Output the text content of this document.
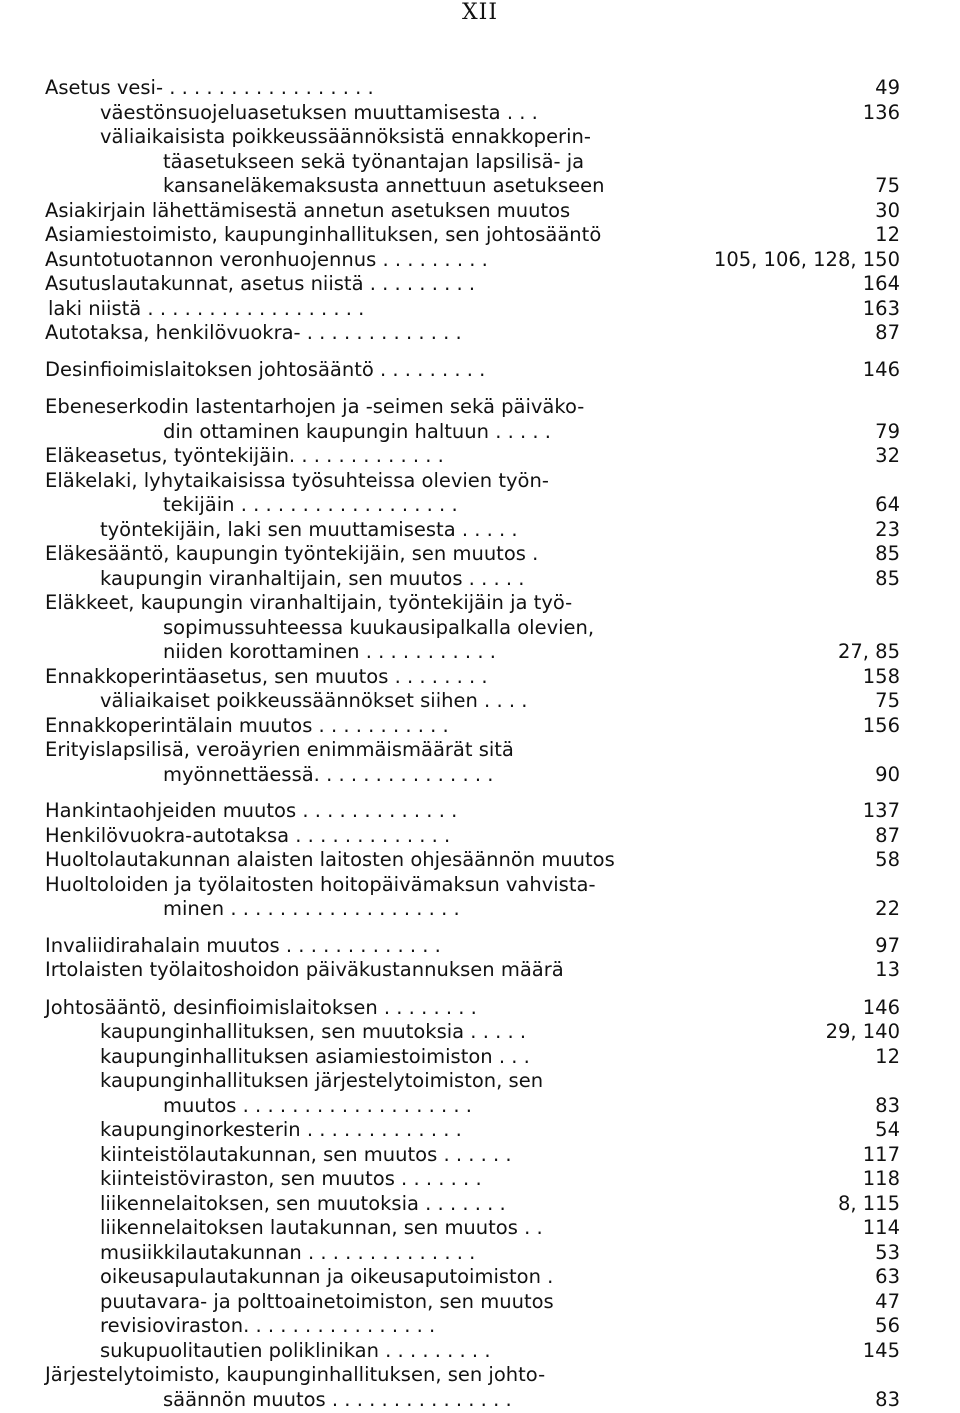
XII
Asetus vesi- . . . . . . . . . . . . . . . . .	49
väestönsuojeluasetuksen muuttamisesta . . .	136
väliaikaisista poikkeussäännöksistä ennakkoperin-
täasetukseen sekä työnantajan lapsilisä- ja
kansaneläkemaksusta annettuun asetukseen	75
Asiakirjain lähettämisestä annetun asetuksen muutos	30
Asiamiestoimisto, kaupunginhallituksen, sen johtosääntö	12
Asuntotuotannon veronhuojennus . . . . . . . . .	105, 106, 128, 150
Asutuslautakunnat, asetus niistä . . . . . . . . .	164
laki niistä . . . . . . . . . . . . . . . . . .	163
Autotaksa, henkilövuokra- . . . . . . . . . . . . .	87
Desinfioimislaitoksen johtosääntö . . . . . . . . .	146
Ebeneserkodin lastentarhojen ja -seimen sekä päiväko-
din ottaminen kaupungin haltuun . . . . .	79
Eläkeasetus, työntekijäin. . . . . . . . . . . . .	32
Eläkelaki, lyhytaikaisissa työsuhteissa olevien työn-
tekijäin . . . . . . . . . . . . . . . . . .	64
työntekijäin, laki sen muuttamisesta . . . . .	23
Eläkesääntö, kaupungin työntekijäin, sen muutos .	85
kaupungin viranhaltijain, sen muutos . . . . .	85
Eläkkeet, kaupungin viranhaltijain, työntekijäin ja työ-
sopimussuhteessa kuukausipalkalla olevien,
niiden korottaminen . . . . . . . . . . .	27, 85
Ennakkoperintäasetus, sen muutos . . . . . . . .	158
väliaikaiset poikkeussäännökset siihen . . . .	75
Ennakkoperintälain muutos . . . . . . . . . . .	156
Erityislapsilisä, veroäyrien enimmäismäärät sitä
myönnettäessä. . . . . . . . . . . . . . .	90
Hankintaohjeiden muutos . . . . . . . . . . . . .	137
Henkilövuokra-autotaksa . . . . . . . . . . . . .	87
Huoltolautakunnan alaisten laitosten ohjesäännön muutos	58
Huoltoloiden ja työlaitosten hoitopäivämaksun vahvista-
minen . . . . . . . . . . . . . . . . . . .	22
Invaliidirahalain muutos . . . . . . . . . . . . .	97
Irtolaisten työlaitoshoidon päiväkustannuksen määrä	13
Johtosääntö, desinfioimislaitoksen . . . . . . . .	146
kaupunginhallituksen, sen muutoksia . . . . .	29, 140
kaupunginhallituksen asiamiestoimiston . . .	12
kaupunginhallituksen järjestelytoimiston, sen
muutos . . . . . . . . . . . . . . . . . . .	83
kaupunginorkesterin . . . . . . . . . . . . .	54
kiinteistölautakunnan, sen muutos . . . . . .	117
kiinteistöviraston, sen muutos . . . . . . .	118
liikennelaitoksen, sen muutoksia . . . . . . .	8, 115
liikennelaitoksen lautakunnan, sen muutos . .	114
musiikkilautakunnan . . . . . . . . . . . . . .	53
oikeusapulautakunnan ja oikeusaputoimiston .	63
puutavara- ja polttoainetoimiston, sen muutos	47
revisioviraston. . . . . . . . . . . . . . . .	56
sukupuolitautien poliklinikan . . . . . . . . .	145
Järjestelytoimisto, kaupunginhallituksen, sen johto-
säännön muutos . . . . . . . . . . . . . . .	83
